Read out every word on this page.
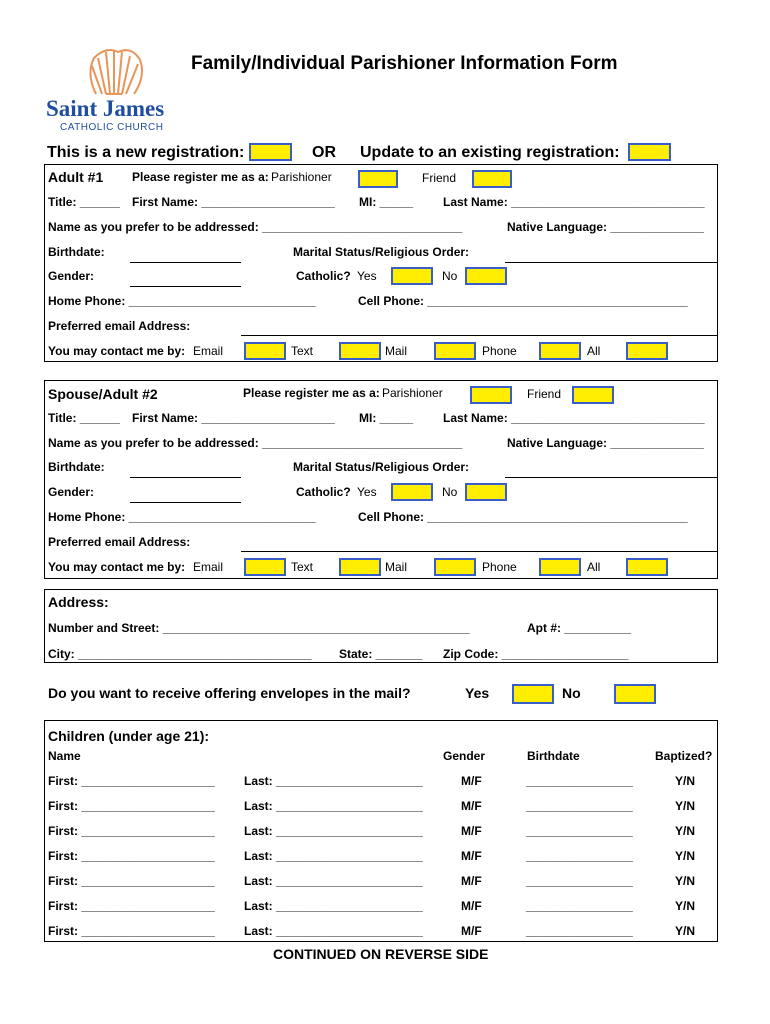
Saint James
CATHOLIC CHURCH
Family/Individual Parishioner Information Form
This is a new registration:	OR Update to an existing registration:
Adult #1 Please register me as a: Parishioner	Friend
Title: ______ First Name: ____________________ MI: _____ Last Name: _____________________________
Name as you prefer to be addressed: ______________________________	Native Language: ______________
Birthdate:	Marital Status/Religious Order:
Gender:	Catholic? Yes	No
Home Phone: ____________________________	Cell Phone: _______________________________________
Preferred email Address:
You may contact me by: Email	Text	Mail	Phone	All
Spouse/Adult #2	Please register me as a: Parishioner	Friend
Title: ______ First Name: ____________________ MI: _____ Last Name: _____________________________
Name as you prefer to be addressed: ______________________________	Native Language: ______________
Birthdate:	Marital Status/Religious Order:
Gender:	Catholic? Yes	No
Home Phone: ____________________________	Cell Phone: _______________________________________
Preferred email Address:
You may contact me by: Email	Text	Mail	Phone	All
Address:
Number and Street: ______________________________________________	Apt #: __________
City: ___________________________________ State: _______ Zip Code: ___________________
Do you want to receive offering envelopes in the mail?	Yes	No
Children (under age 21):
Name	Gender	Birthdate	Baptized?
First: ____________________ Last: ______________________	M/F	________________	Y/N
First: ____________________ Last: ______________________	M/F	________________	Y/N
First: ____________________ Last: ______________________	M/F	________________	Y/N
First: ____________________ Last: ______________________	M/F	________________	Y/N
First: ____________________ Last: ______________________	M/F	________________	Y/N
First: ____________________ Last: ______________________	M/F	________________	Y/N
First: ____________________ Last: ______________________	M/F	________________	Y/N
CONTINUED ON REVERSE SIDE
